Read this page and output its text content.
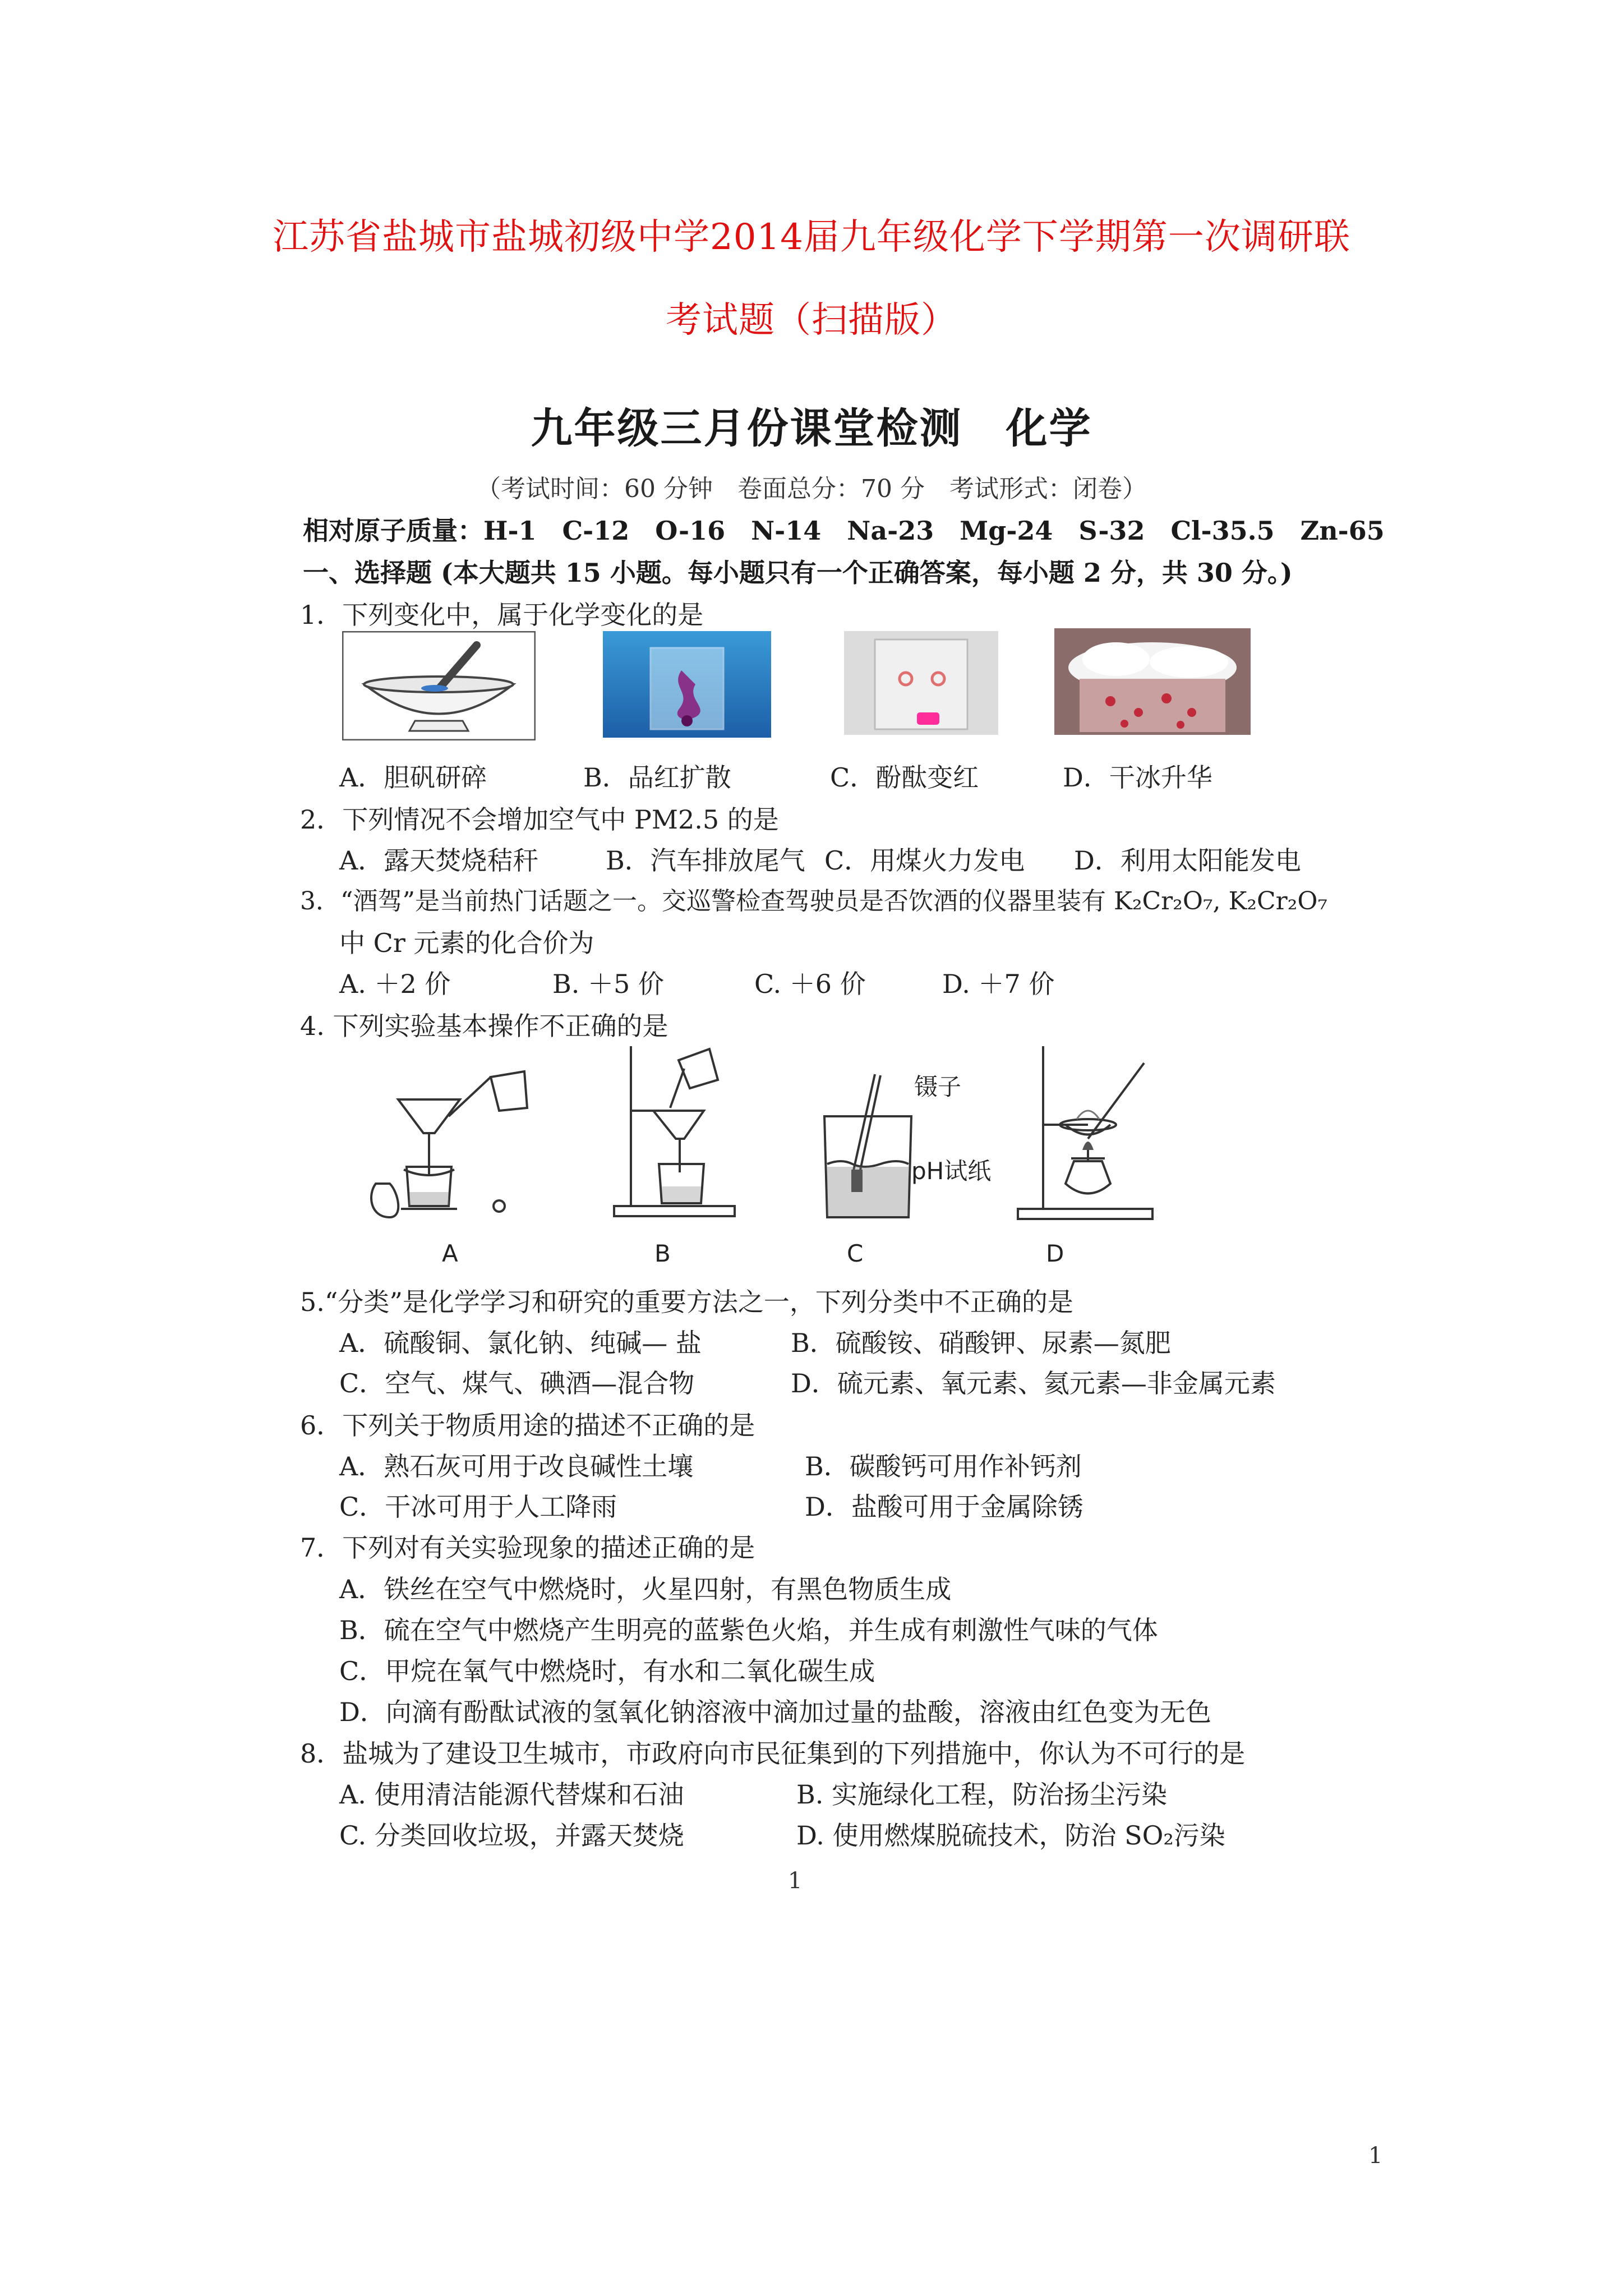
江苏省盐城市盐城初级中学2014届九年级化学下学期第一次调研联
考试题（扫描版）
九年级三月份课堂检测　化学
（考试时间：60 分钟　卷面总分：70 分　考试形式：闭卷）
相对原子质量：H-1　C-12　O-16　N-14　Na-23　Mg-24　S-32　Cl-35.5　Zn-65
一、选择题 (本大题共 15 小题。每小题只有一个正确答案，每小题 2 分，共 30 分。)
1．下列变化中，属于化学变化的是
A．胆矾研碎	B．品红扩散	C．酚酞变红	D．干冰升华
2．下列情况不会增加空气中 PM2.5 的是
A．露天焚烧秸秆	B．汽车排放尾气 C．用煤火力发电 D．利用太阳能发电
3．“酒驾”是当前热门话题之一。交巡警检查驾驶员是否饮酒的仪器里装有 K₂Cr₂O₇, K₂Cr₂O₇
中 Cr 元素的化合价为
A. ＋2 价	B. ＋5 价	C. ＋6 价	D. ＋7 价
4. 下列实验基本操作不正确的是
镊子
pH试纸
A	B	C	D
5.“分类”是化学学习和研究的重要方法之一，下列分类中不正确的是
A．硫酸铜、氯化钠、纯碱— 盐	B．硫酸铵、硝酸钾、尿素—氮肥
C．空气、煤气、碘酒—混合物	D．硫元素、氧元素、氦元素—非金属元素
6．下列关于物质用途的描述不正确的是
A．熟石灰可用于改良碱性土壤	B．碳酸钙可用作补钙剂
C．干冰可用于人工降雨	D．盐酸可用于金属除锈
7．下列对有关实验现象的描述正确的是
A．铁丝在空气中燃烧时，火星四射，有黑色物质生成
B．硫在空气中燃烧产生明亮的蓝紫色火焰，并生成有刺激性气味的气体
C．甲烷在氧气中燃烧时，有水和二氧化碳生成
D．向滴有酚酞试液的氢氧化钠溶液中滴加过量的盐酸，溶液由红色变为无色
8．盐城为了建设卫生城市，市政府向市民征集到的下列措施中，你认为不可行的是
A. 使用清洁能源代替煤和石油	B. 实施绿化工程，防治扬尘污染
C. 分类回收垃圾，并露天焚烧	D. 使用燃煤脱硫技术，防治 SO₂污染
1
1
